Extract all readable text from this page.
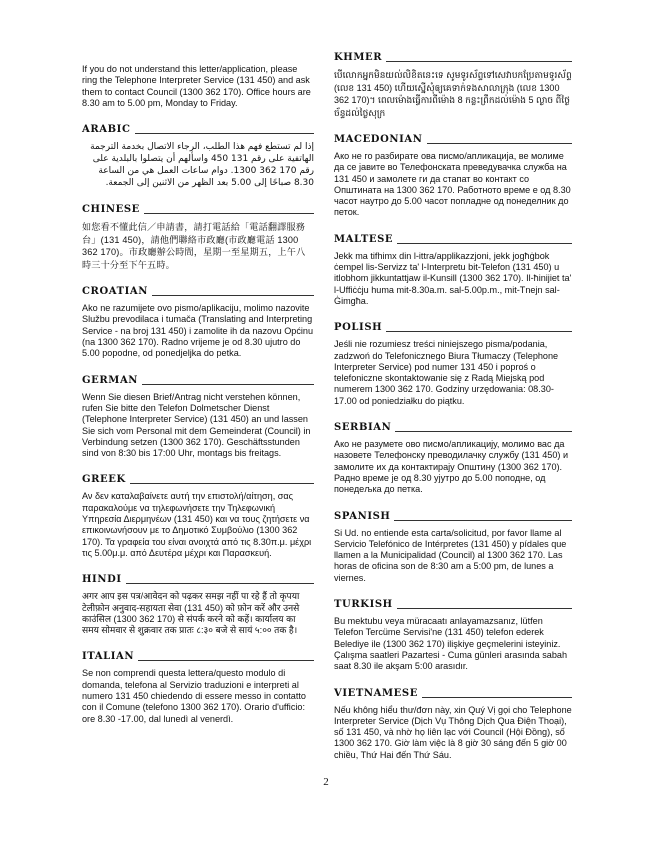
If you do not understand this letter/application, please ring the Telephone Interpreter Service (131 450) and ask them to contact Council (1300 362 170). Office hours are 8.30 am to 5.00 pm, Monday to Friday.

ARABIC
إذا لم تستطع فهم هذا الطلب، الرجاء الاتصال بخدمة الترجمة الهاتفية على رقم 131 450 واسألهم أن يتصلوا بالبلدية على رقم 170 362 1300. دوام ساعات العمل هي من الساعة 8.30 صباحًا إلى 5.00 بعد الظهر من الاثنين إلى الجمعة.
CHINESE
如您看不懂此信／申請書，請打電話給「電話翻譯服務台」(131 450)，請他們聯絡市政廳(市政廳電話 1300 362 170)。市政廳辦公時間，星期一至星期五，上午八時三十分至下午五時。
CROATIAN
Ako ne razumijete ovo pismo/aplikaciju, molimo nazovite Službu prevodilaca i tumača (Translating and Interpreting Service - na broj 131 450) i zamolite ih da nazovu Općinu (na 1300 362 170). Radno vrijeme je od 8.30 ujutro do 5.00 popodne, od ponedjeljka do petka.
GERMAN
Wenn Sie diesen Brief/Antrag nicht verstehen können, rufen Sie bitte den Telefon Dolmetscher Dienst (Telephone Interpreter Service) (131 450) an und lassen Sie sich vom Personal mit dem Gemeinderat (Council) in Verbindung setzen (1300 362 170). Geschäftsstunden sind von 8:30 bis 17:00 Uhr, montags bis freitags.
GREEK
Αν δεν καταλαβαίνετε αυτή την επιστολή/αίτηση, σας παρακαλούμε να τηλεφωνήσετε την Τηλεφωνική Υπηρεσία Διερμηνέων (131 450) και να τους ζητήσετε να επικοινωνήσουν με το Δημοτικό Συμβούλιο (1300 362 170). Τα γραφεία του είναι ανοιχτά από τις 8.30π.μ. μέχρι τις 5.00μ.μ. από Δευτέρα μέχρι και Παρασκευή.
HINDI
अगर आप इस पत्र/आवेदन को पढ़कर समझ नहीं पा रहे हैं तो कृपया टेलीफ़ोन अनुवाद-सहायता सेवा (131 450) को फ़ोन करें और उनसे काउंसिल (1300 362 170) से संपर्क करने को कहें। कार्यालय का समय सोमवार से शुक्रवार तक प्रातः ८:३० बजे से सायं ५:०० तक है।
ITALIAN
Se non comprendi questa lettera/questo modulo di domanda, telefona al Servizio traduzioni e interpreti al numero 131 450 chiedendo di essere messo in contatto con il Comune (telefono 1300 362 170). Orario d'ufficio: ore 8.30 -17.00, dal lunedì al venerdì.
KHMER
បើលោកអ្នកមិនយល់លិខិតនេះទេ សូមទូរស័ព្ទទៅសេវាបកប្រែតាមទូរស័ព្ទ (លេខ 131 450) ហើយស្នើសុំឲ្យគេទាក់ទងសាលាក្រុង (លេខ 1300 362 170)។ ពេលម៉ោងធ្វើការពីម៉ោង 8 កន្លះព្រឹកដល់ម៉ោង 5 ល្ងាច ពីថ្ងៃច័ន្ទដល់ថ្ងៃសុក្រ
MACEDONIAN
Ако не го разбирате ова писмо/апликација, ве молиме да се јавите во Телефонската преведувачка служба на 131 450 и замолете ги да стапат во контакт со Општината на 1300 362 170. Работното време е од 8.30 часот наутро до 5.00 часот попладне од понеделник до петок.
MALTESE
Jekk ma tifhimx din l-ittra/applikazzjoni, jekk jogħġbok ċempel lis-Servizz ta' l-Interpretu bit-Telefon (131 450) u itlobhom jikkuntattjaw il-Kunsill (1300 362 170). Il-ħinijiet ta' l-Uffiċċju huma mit-8.30a.m. sal-5.00p.m., mit-Tnejn sal-Ġimgħa.
POLISH
Jeśli nie rozumiesz treści niniejszego pisma/podania, zadzwoń do Telefonicznego Biura Tłumaczy (Telephone Interpreter Service) pod numer 131 450 i poproś o telefoniczne skontaktowanie się z Radą Miejską pod numerem 1300 362 170. Godziny urzędowania: 08.30-17.00 od poniedziałku do piątku.
SERBIAN
Ако не разумете ово писмо/апликацију, молимо вас да назовете Телефонску преводилачку службу (131 450) и замолите их да контактирају Општину (1300 362 170). Радно време је од 8.30 ујутро до 5.00 поподне, од понедељка до петка.
SPANISH
Si Ud. no entiende esta carta/solicitud, por favor llame al Servicio Telefónico de Intérpretes (131 450) y pídales que llamen a la Municipalidad (Council) al 1300 362 170. Las horas de oficina son de 8:30 am a 5:00 pm, de lunes a viernes.
TURKISH
Bu mektubu veya müracaatı anlayamazsanız, lütfen Telefon Tercüme Servisi'ne (131 450) telefon ederek Belediye ile (1300 362 170) ilişkiye geçmelerini isteyiniz. Çalışma saatleri Pazartesi - Cuma günleri arasında sabah saat 8.30 ile akşam 5:00 arasıdır.
VIETNAMESE
Nếu không hiểu thư/đơn này, xin Quý Vị gọi cho Telephone Interpreter Service (Dịch Vụ Thông Dịch Qua Điện Thoại), số 131 450, và nhờ họ liên lạc với Council (Hội Đồng), số 1300 362 170. Giờ làm việc là 8 giờ 30 sáng đến 5 giờ 00 chiều, Thứ Hai đến Thứ Sáu.
2
